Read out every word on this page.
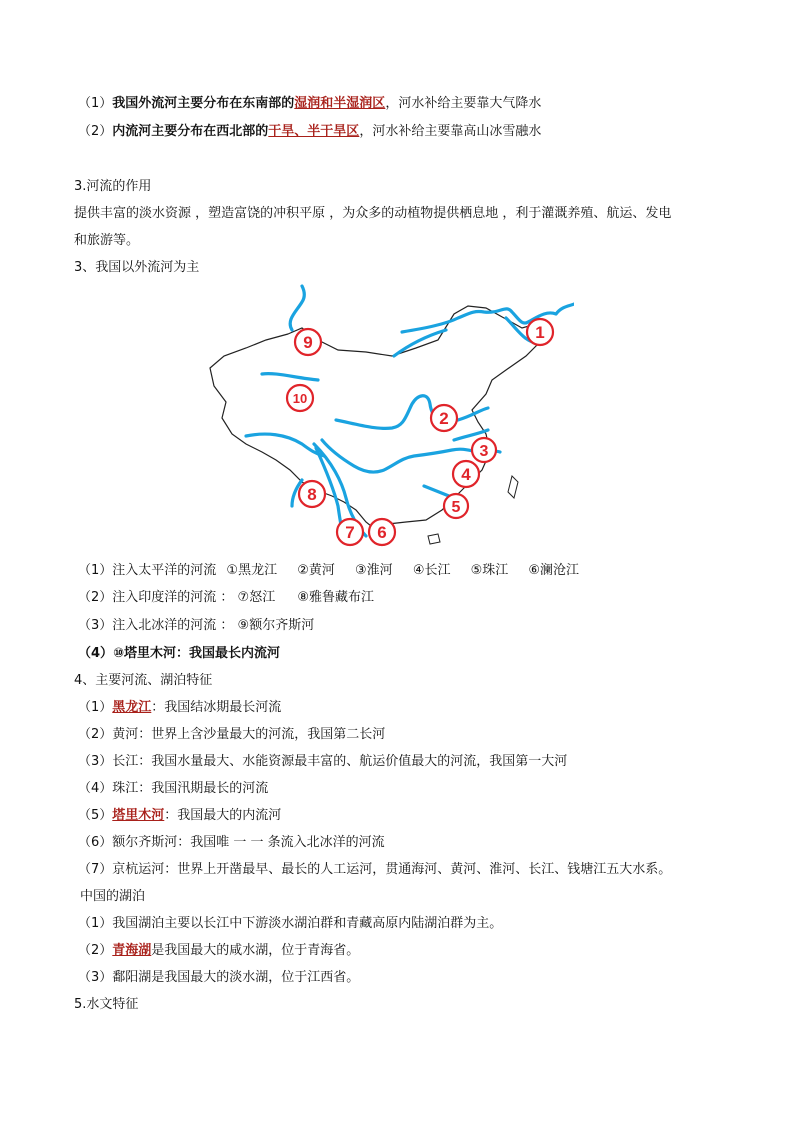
（1）我国外流河主要分布在东南部的湿润和半湿润区，河水补给主要靠大气降水
（2）内流河主要分布在西北部的干旱、半干旱区，河水补给主要靠高山冰雪融水
3.河流的作用
提供丰富的淡水资源 ，塑造富饶的冲积平原 ，为众多的动植物提供栖息地 ，利于灌溉养殖、航运、发电
和旅游等。
3、我国以外流河为主
1
2
3
4
5
6
7
8
9
10
（1）注入太平洋的河流 ①黑龙江 ②黄河 ③淮河 ④长江 ⑤珠江 ⑥澜沧江
（2）注入印度洋的河流 ： ⑦怒江 ⑧雅鲁藏布江
（3）注入北冰洋的河流 ： ⑨额尔齐斯河
（4）⑩塔里木河：我国最长内流河
4、主要河流、湖泊特征
（1）黑龙江：我国结冰期最长河流
（2）黄河：世界上含沙量最大的河流，我国第二长河
（3）长江：我国水量最大、水能资源最丰富的、航运价值最大的河流，我国第一大河
（4）珠江：我国汛期最长的河流
（5）塔里木河：我国最大的内流河
（6）额尔齐斯河：我国唯 一 一 条流入北冰洋的河流
（7）京杭运河：世界上开凿最早、最长的人工运河，贯通海河、黄河、淮河、长江、钱塘江五大水系。
中国的湖泊
（1）我国湖泊主要以长江中下游淡水湖泊群和青藏高原内陆湖泊群为主。
（2）青海湖是我国最大的咸水湖，位于青海省。
（3）鄱阳湖是我国最大的淡水湖，位于江西省。
5.水文特征
